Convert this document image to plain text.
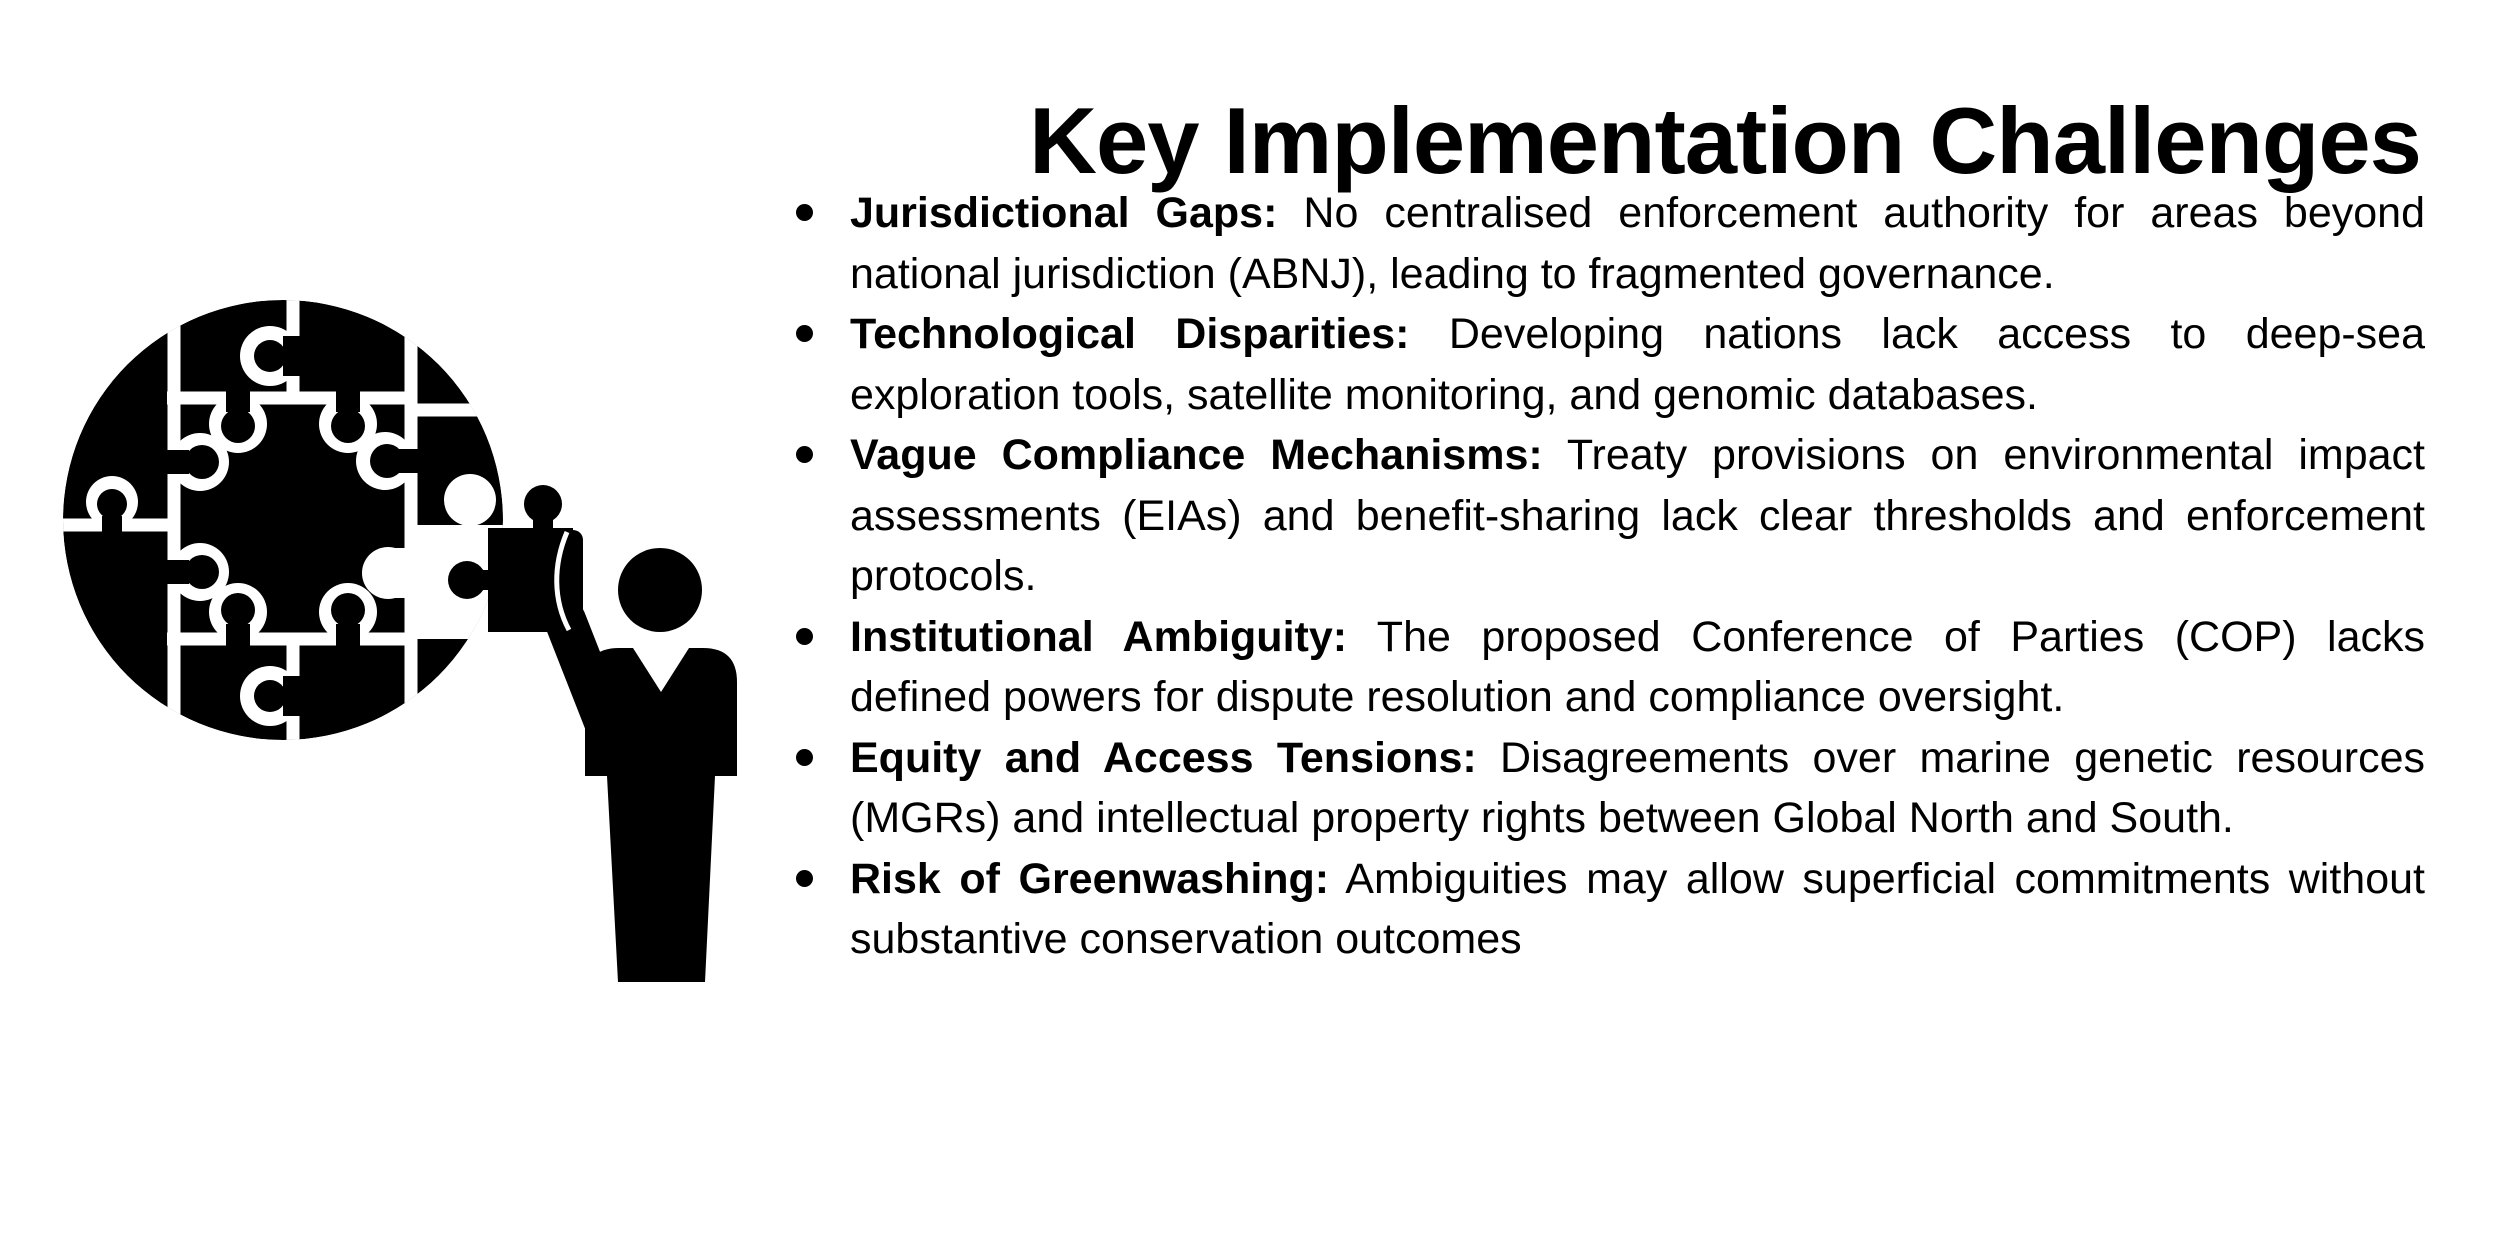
Key Implementation Challenges
Jurisdictional Gaps: No centralised enforcement authority for areas beyond national jurisdiction (ABNJ), leading to fragmented governance.
Technological Disparities: Developing nations lack access to deep-sea exploration tools, satellite monitoring, and genomic databases.
Vague Compliance Mechanisms: Treaty provisions on environmental impact assessments (EIAs) and benefit-sharing lack clear thresholds and enforcement protocols.
Institutional Ambiguity: The proposed Conference of Parties (COP) lacks defined powers for dispute resolution and compliance oversight.
Equity and Access Tensions: Disagreements over marine genetic resources (MGRs) and intellectual property rights between Global North and South.
Risk of Greenwashing: Ambiguities may allow superficial commitments without substantive conservation outcomes
